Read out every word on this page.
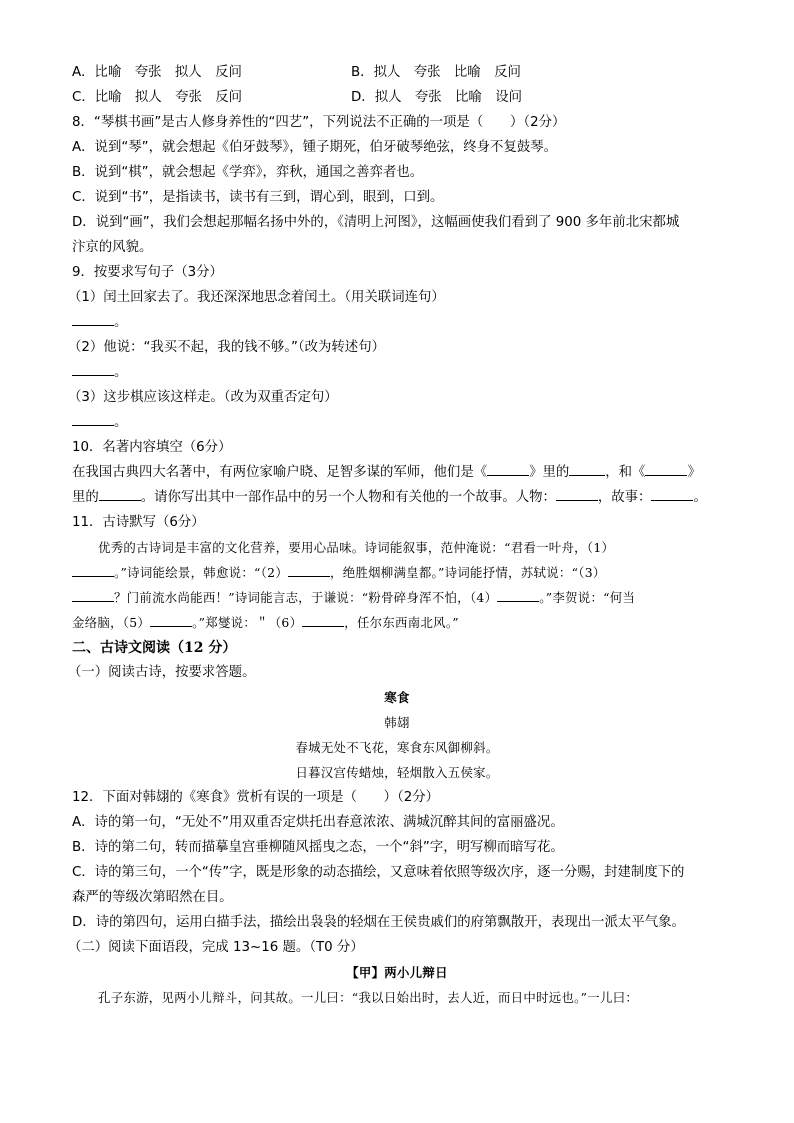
A．比喻　夸张　拟人　反问	B．拟人　夸张　比喻　反问
C．比喻　拟人　夸张　反问	D．拟人　夸张　比喻　设问
8．“琴棋书画”是古人修身养性的“四艺”，下列说法不正确的一项是（　　）（2分）
A．说到“琴”，就会想起《伯牙鼓琴》，锺子期死，伯牙破琴绝弦，终身不复鼓琴。
B．说到“棋”，就会想起《学弈》，弈秋，通国之善弈者也。
C．说到“书”，是指读书，读书有三到，谓心到，眼到，口到。
D．说到“画”，我们会想起那幅名扬中外的，《清明上河图》，这幅画使我们看到了 900 多年前北宋都城
汴京的风貌。
9．按要求写句子（3分）
（1）闰土回家去了。我还深深地思念着闰土。（用关联词连句）
。
（2）他说：“我买不起，我的钱不够。”（改为转述句）
。
（3）这步棋应该这样走。（改为双重否定句）
。
10．名著内容填空（6分）
在我国古典四大名著中，有两位家喻户晓、足智多谋的军师，他们是《	》里的	，和《	》
里的	。请你写出其中一部作品中的另一个人物和有关他的一个故事。人物：	，故事：	。
11．古诗默写（6分）
优秀的古诗词是丰富的文化营养，要用心品味。诗词能叙事，范仲淹说：“君看一叶舟，（1）
。”诗词能绘景，韩愈说：“（2）	，绝胜烟柳满皇都。”诗词能抒情，苏轼说：“（3）
？门前流水尚能西！”诗词能言志，于谦说：“粉骨碎身浑不怕，（4）	。”李贺说：“何当
金络脑，（5）	。”郑燮说：＂（6）	，任尔东西南北风。”
二、古诗文阅读（12 分）
（一）阅读古诗，按要求答题。
寒食
韩翃
春城无处不飞花，寒食东风御柳斜。
日暮汉宫传蜡烛，轻烟散入五侯家。
12．下面对韩翃的《寒食》赏析有误的一项是（　　）（2分）
A．诗的第一句，“无处不”用双重否定烘托出春意浓浓、满城沉醉其间的富丽盛况。
B．诗的第二句，转而描摹皇宫垂柳随风摇曳之态，一个“斜”字，明写柳而暗写花。
C．诗的第三句，一个“传”字，既是形象的动态描绘，又意味着依照等级次序，逐一分赐，封建制度下的
森严的等级次第昭然在目。
D．诗的第四句，运用白描手法，描绘出袅袅的轻烟在王侯贵戚们的府第飘散开，表现出一派太平气象。
（二）阅读下面语段，完成 13~16 题。（T0 分）
【甲】两小儿辩日
孔子东游，见两小儿辩斗，问其故。一儿曰：“我以日始出时，去人近，而日中时远也。”一儿曰：
